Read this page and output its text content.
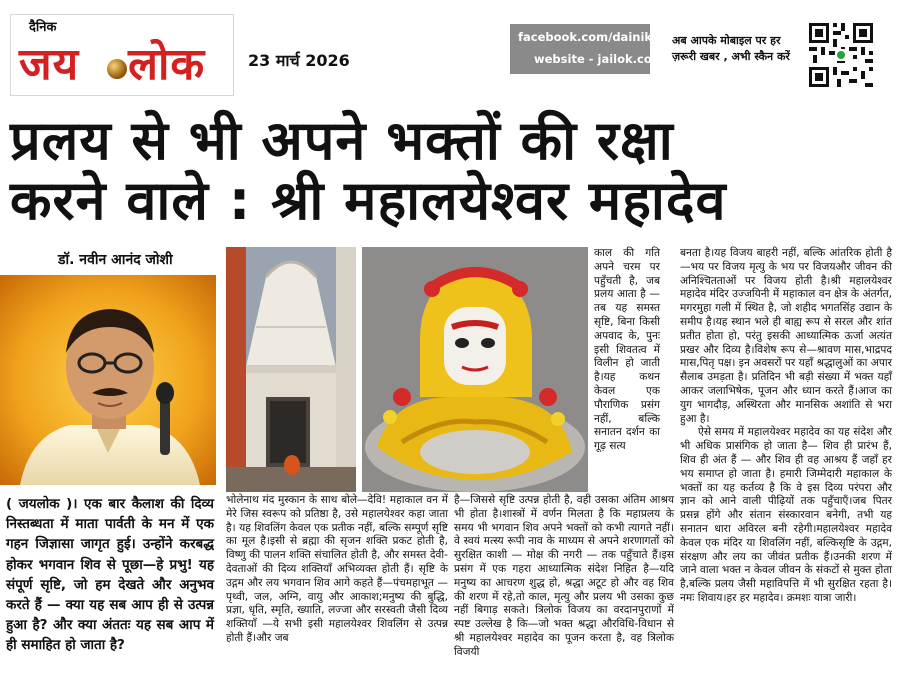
दैनिक
जय लोक	23 मार्च 2026
facebook.com/dainikjailok
website - jailok.com
अब आपके मोबाइल पर हर ज़रूरी खबर , अभी स्कैन करें
प्रलय से भी अपने भक्तों की रक्षा
करने वाले : श्री महालयेश्वर महादेव
डॉ. नवीन आनंद जोशी
( जयलोक )। एक बार कैलाश की दिव्य निस्तब्धता में माता पार्वती के मन में एक गहन जिज्ञासा जागृत हुई। उन्होंने करबद्ध होकर भगवान शिव से पूछा—हे प्रभु! यह संपूर्ण सृष्टि, जो हम देखते और अनुभव करते हैं — क्या यह सब आप ही से उत्पन्न हुआ है? और क्या अंततः यह सब आप में ही समाहित हो जाता है?

काल की गति अपने चरम पर पहुँचती है, जब प्रलय आता है — तब यह समस्त सृष्टि, बिना किसी अपवाद के, पुनः इसी शिवतत्व में विलीन हो जाती है।यह कथन केवल एक पौराणिक प्रसंग नहीं, बल्कि सनातन दर्शन का गूढ़ सत्य

भोलेनाथ मंद मुस्कान के साथ बोले—देवि! महाकाल वन में मेरे जिस स्वरूप को प्रतिष्ठा है, उसे महालयेश्वर कहा जाता है। यह शिवलिंग केवल एक प्रतीक नहीं, बल्कि सम्पूर्ण सृष्टि का मूल है।इसी से ब्रह्मा की सृजन शक्ति प्रकट होती है, विष्णु की पालन शक्ति संचालित होती है, और समस्त देवी-देवताओं की दिव्य शक्तियाँ अभिव्यक्त होती हैं। सृष्टि के उद्गम और लय भगवान शिव आगे कहते हैं—पंचमहाभूत — पृथ्वी, जल, अग्नि, वायु और आकाश;मनुष्य की बुद्धि, प्रज्ञा, धृति, स्मृति, ख्याति, लज्जा और सरस्वती जैसी दिव्य शक्तियाँ —ये सभी इसी महालयेश्वर शिवलिंग से उत्पन्न होती हैं।और जब

है—जिससे सृष्टि उत्पन्न होती है, वही उसका अंतिम आश्रय भी होता है।शास्त्रों में वर्णन मिलता है कि महाप्रलय के समय भी भगवान शिव अपने भक्तों को कभी त्यागते नहीं।वे स्वयं मत्स्य रूपी नाव के माध्यम से अपने शरणागतों को सुरक्षित काशी — मोक्ष की नगरी — तक पहुँचाते हैं।इस प्रसंग में एक गहरा आध्यात्मिक संदेश निहित है—यदि मनुष्य का आचरण शुद्ध हो, श्रद्धा अटूट हो और वह शिव की शरण में रहे,तो काल, मृत्यु और प्रलय भी उसका कुछ नहीं बिगाड़ सकते। त्रिलोक विजय का वरदानपुराणों में स्पष्ट उल्लेख है कि—जो भक्त श्रद्धा औरविधि-विधान से श्री महालयेश्वर महादेव का पूजन करता है, वह त्रिलोक विजयी

बनता है।यह विजय बाहरी नहीं, बल्कि आंतरिक होती है—भय पर विजय मृत्यु के भय पर विजयऔर जीवन की अनिश्चितताओं पर विजय होती है।श्री महालयेश्वर महादेव मंदिर उज्जयिनी में महाकाल वन क्षेत्र के अंतर्गत, मगरमुहा गली में स्थित है, जो शहीद भगतसिंह उद्यान के समीप है।यह स्थान भले ही बाह्य रूप से सरल और शांत प्रतीत होता हो, परंतु इसकी आध्यात्मिक ऊर्जा अत्यंत प्रखर और दिव्य है।विशेष रूप से—श्रावण मास,भाद्रपद मास,पितृ पक्ष। इन अवसरों पर यहाँ श्रद्धालुओं का अपार सैलाब उमड़ता है। प्रतिदिन भी बड़ी संख्या में भक्त यहाँ आकर जलाभिषेक, पूजन और ध्यान करते हैं।आज का युग भागदौड़, अस्थिरता और मानसिक अशांति से भरा हुआ है।

ऐसे समय में महालयेश्वर महादेव का यह संदेश और भी अधिक प्रासंगिक हो जाता है— शिव ही प्रारंभ हैं, शिव ही अंत हैं — और शिव ही वह आश्रय हैं जहाँ हर भय समाप्त हो जाता है। हमारी जिम्मेदारी महाकाल के भक्तों का यह कर्तव्य है कि वे इस दिव्य परंपरा और ज्ञान को आने वाली पीढ़ियों तक पहुँचाएँ।जब पितर प्रसन्न होंगे और संतान संस्कारवान बनेगी, तभी यह सनातन धारा अविरल बनी रहेगी।महालयेश्वर महादेव केवल एक मंदिर या शिवलिंग नहीं, बल्किसृष्टि के उद्गम, संरक्षण और लय का जीवंत प्रतीक हैं।उनकी शरण में जाने वाला भक्त न केवल जीवन के संकटों से मुक्त होता है,बल्कि प्रलय जैसी महाविपत्ति में भी सुरक्षित रहता है। नमः शिवाय।हर हर महादेव। क्रमशः यात्रा जारी।
